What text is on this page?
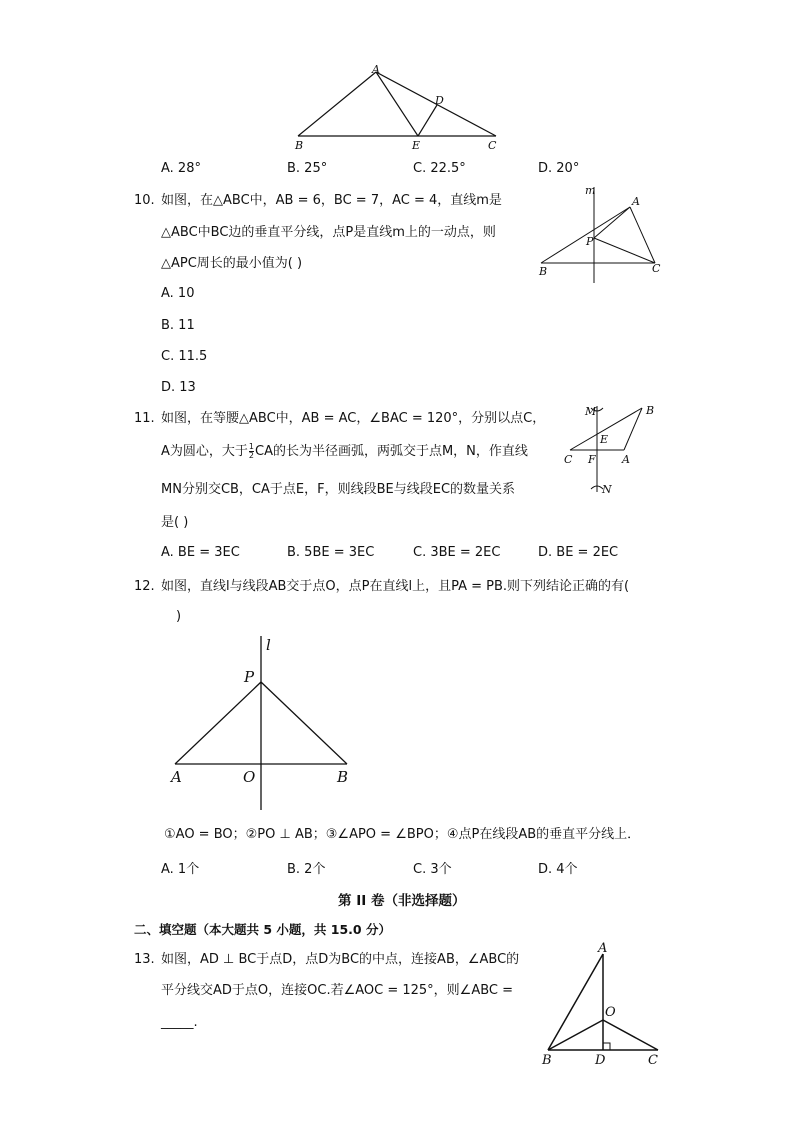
A
B	C
D
E
A. 28°	B. 25°	C. 22.5°	D. 20°
10. 如图，在△ABC中，AB = 6，BC = 7，AC = 4，直线m是
△ABC中BC边的垂直平分线，点P是直线m上的一动点，则
△APC周长的最小值为( )
A. 10
B. 11
C. 11.5
D. 13
m
A
P
B	C
11. 如图，在等腰△ABC中，AB = AC，∠BAC = 120°，分别以点C，
A为圆心，大于 $\frac{1}{2}$ CA的长为半径画弧，两弧交于点M，N，作直线
MN分别交CB，CA于点E，F，则线段BE与线段EC的数量关系
是( )
A. BE = 3EC	B. 5BE = 3EC	C. 3BE = 2EC	D. BE = 2EC
M	B
E
C F A
N
12. 如图，直线l与线段AB交于点O，点P在直线l上，且PA = PB.则下列结论正确的有(
)
l
P
A	O	B
①AO = BO；②PO ⊥ AB；③∠APO = ∠BPO；④点P在线段AB的垂直平分线上．
A. 1个	B. 2个	C. 3个	D. 4个
第 II 卷（非选择题）
二、填空题（本大题共 5 小题，共 15.0 分）
13. 如图，AD ⊥ BC于点D，点D为BC的中点，连接AB，∠ABC的
平分线交AD于点O，连接OC.若∠AOC = 125°，则∠ABC =
_____.
A
O
B	D	C
